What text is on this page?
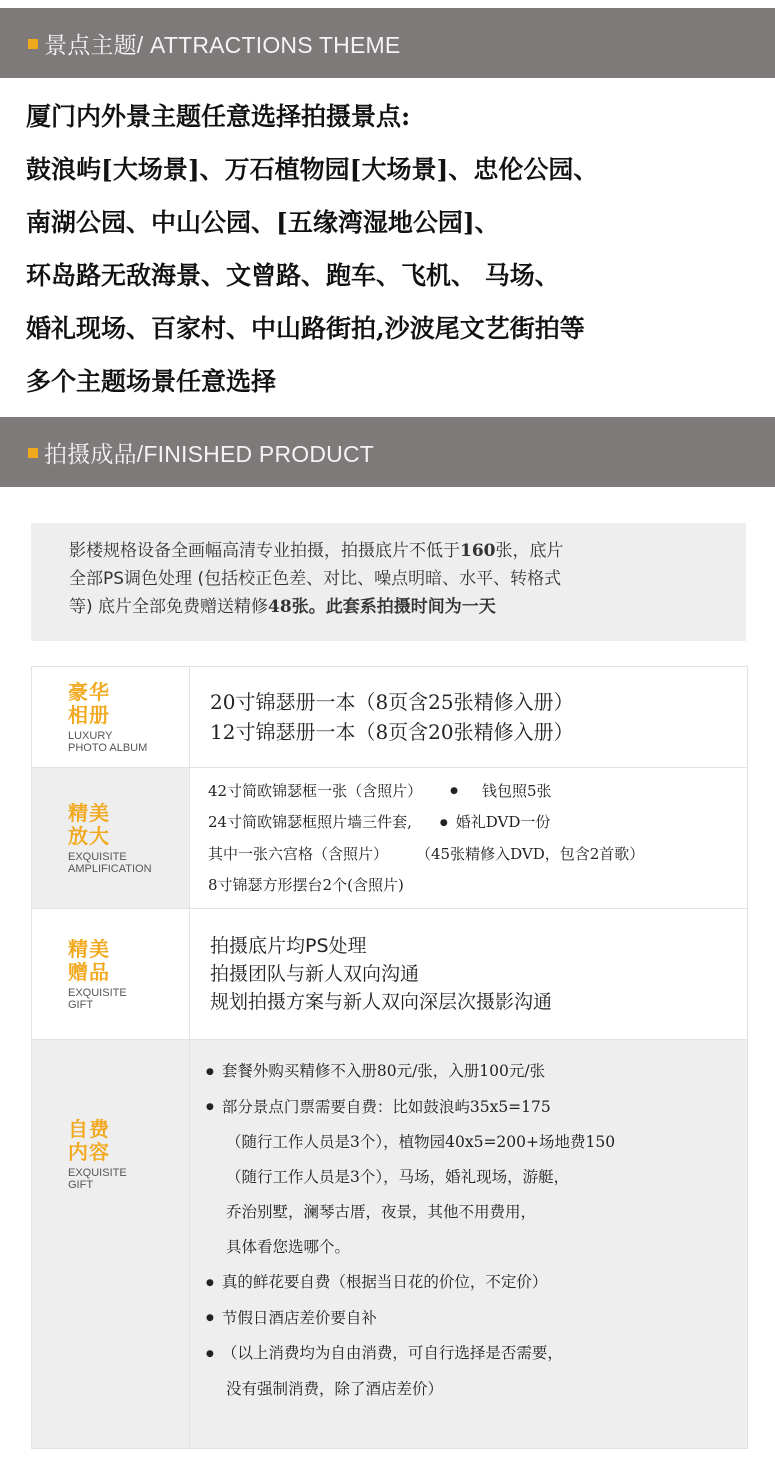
景点主题/ ATTRACTIONS THEME
厦门内外景主题任意选择拍摄景点:
鼓浪屿[大场景]、万石植物园[大场景]、忠伦公园、
南湖公园、中山公园、[五缘湾湿地公园]、
环岛路无敌海景、文曾路、跑车、飞机、 马场、
婚礼现场、百家村、中山路街拍,沙波尾文艺街拍等
多个主题场景任意选择
拍摄成品/FINISHED PRODUCT
影楼规格设备全画幅高清专业拍摄，拍摄底片不低于160张，底片
全部PS调色处理 (包括校正色差、对比、噪点明暗、水平、转格式
等) 底片全部免费赠送精修48张。此套系拍摄时间为一天
豪华
相册
LUXURY
PHOTO ALBUM
20寸锦瑟册一本（8页含25张精修入册）
12寸锦瑟册一本（8页含20张精修入册）
精美
放大
EXQUISITE
AMPLIFICATION
42寸简欧锦瑟框一张（含照片） ●	钱包照5张
24寸简欧锦瑟框照片墙三件套, ●	婚礼DVD一份
其中一张六宫格（含照片） （45张精修入DVD，包含2首歌）
8寸锦瑟方形摆台2个(含照片)
精美
赠品
EXQUISITE
GIFT
拍摄底片均PS处理
拍摄团队与新人双向沟通
规划拍摄方案与新人双向深层次摄影沟通
自费
内容
EXQUISITE
GIFT
● 套餐外购买精修不入册80元/张，入册100元/张
● 部分景点门票需要自费：比如鼓浪屿35x5=175
（随行工作人员是3个），植物园40x5=200+场地费150
（随行工作人员是3个），马场，婚礼现场，游艇，
乔治别墅，澜琴古厝，夜景，其他不用费用，
具体看您选哪个。
● 真的鲜花要自费（根据当日花的价位，不定价）
● 节假日酒店差价要自补
● （以上消费均为自由消费，可自行选择是否需要，
没有强制消费，除了酒店差价）
